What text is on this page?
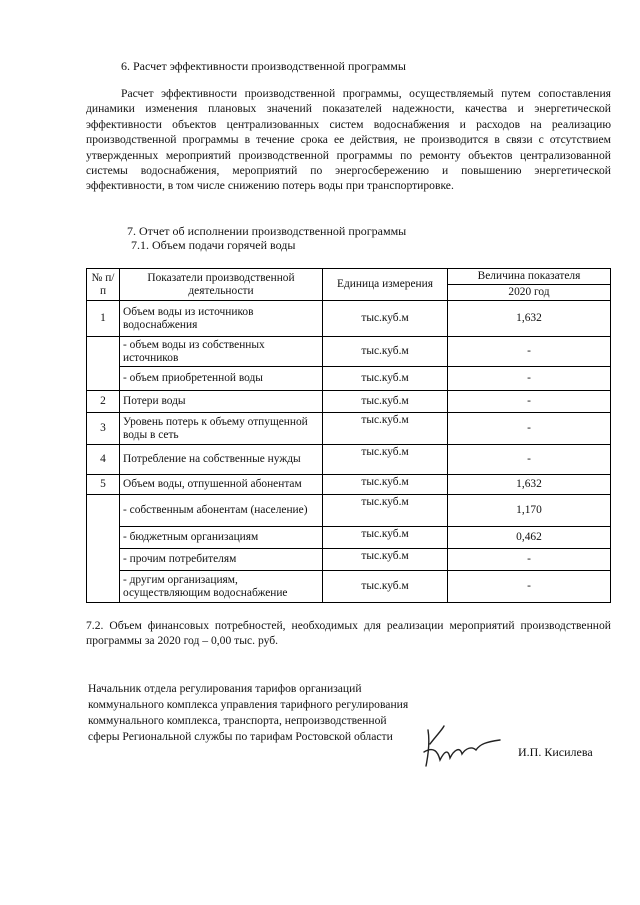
6. Расчет эффективности производственной программы
Расчет эффективности производственной программы, осуществляемый путем сопоставления динамики изменения плановых значений показателей надежности, качества и энергетической эффективности объектов централизованных систем водоснабжения и расходов на реализацию производственной программы в течение срока ее действия, не производится в связи с отсутствием утвержденных мероприятий производственной программы по ремонту объектов централизованной системы водоснабжения, мероприятий по энергосбережению и повышению энергетической эффективности, в том числе снижению потерь воды при транспортировке.
7. Отчет об исполнении производственной программы
7.1. Объем подачи горячей воды
№ п/п	Показатели производственной деятельности	Единица измерения	Величина показателя
			2020 год
1	Объем воды из источников водоснабжения	тыс.куб.м	1,632
	- объем воды из собственных источников	тыс.куб.м	-
	- объем приобретенной воды	тыс.куб.м	-
2	Потери воды	тыс.куб.м	-
3	Уровень потерь к объему отпущенной воды в сеть	тыс.куб.м	-
4	Потребление на собственные нужды	тыс.куб.м	-
5	Объем воды, отпушенной абонентам	тыс.куб.м	1,632
	- собственным абонентам (население)	тыс.куб.м	1,170
	- бюджетным организациям	тыс.куб.м	0,462
	- прочим потребителям	тыс.куб.м	-
	- другим организациям, осуществляющим водоснабжение	тыс.куб.м	-
7.2. Объем финансовых потребностей, необходимых для реализации мероприятий производственной программы за 2020 год – 0,00 тыс. руб.
Начальник отдела регулирования тарифов организаций коммунального комплекса управления тарифного регулирования коммунального комплекса, транспорта, непроизводственной сферы Региональной службы по тарифам Ростовской области
И.П. Кисилева
